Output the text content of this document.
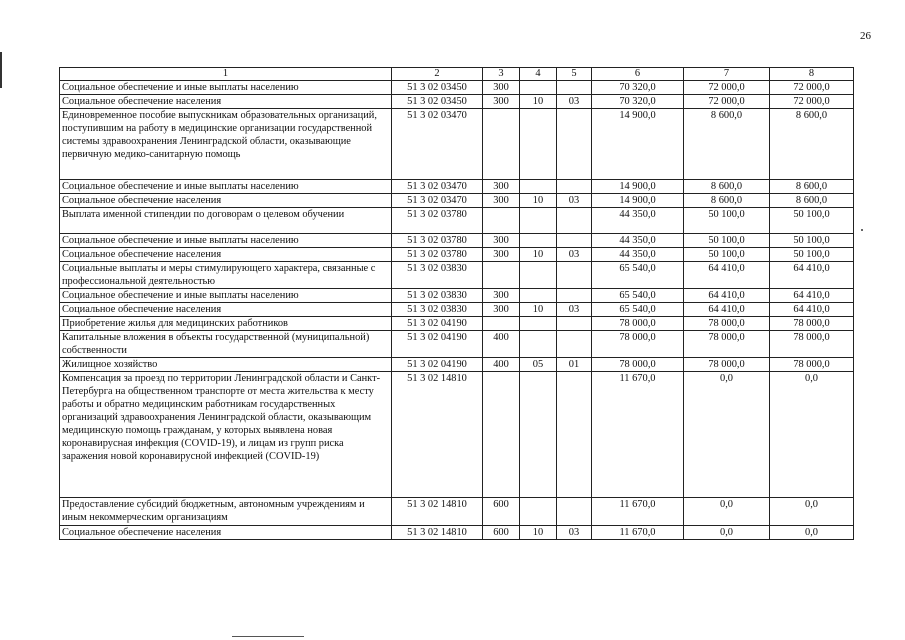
26
1	2	3	4	5	6	7	8
Социальное обеспечение и иные выплаты населению	51 3 02 03450	300			70 320,0	72 000,0	72 000,0
Социальное обеспечение населения	51 3 02 03450	300	10	03	70 320,0	72 000,0	72 000,0
Единовременное пособие выпускникам образовательных организаций, поступившим на работу в медицинские организации государственной системы здравоохранения Ленинградской области, оказывающие первичную медико-санитарную помощь	51 3 02 03470				14 900,0	8 600,0	8 600,0
Социальное обеспечение и иные выплаты населению	51 3 02 03470	300			14 900,0	8 600,0	8 600,0
Социальное обеспечение населения	51 3 02 03470	300	10	03	14 900,0	8 600,0	8 600,0
Выплата именной стипендии по договорам о целевом обучении	51 3 02 03780				44 350,0	50 100,0	50 100,0
Социальное обеспечение и иные выплаты населению	51 3 02 03780	300			44 350,0	50 100,0	50 100,0
Социальное обеспечение населения	51 3 02 03780	300	10	03	44 350,0	50 100,0	50 100,0
Социальные выплаты и меры стимулирующего характера, связанные с профессиональной деятельностью	51 3 02 03830				65 540,0	64 410,0	64 410,0
Социальное обеспечение и иные выплаты населению	51 3 02 03830	300			65 540,0	64 410,0	64 410,0
Социальное обеспечение населения	51 3 02 03830	300	10	03	65 540,0	64 410,0	64 410,0
Приобретение жилья для медицинских работников	51 3 02 04190				78 000,0	78 000,0	78 000,0
Капитальные вложения в объекты государственной (муниципальной) собственности	51 3 02 04190	400			78 000,0	78 000,0	78 000,0
Жилищное хозяйство	51 3 02 04190	400	05	01	78 000,0	78 000,0	78 000,0
Компенсация за проезд по территории Ленинградской области и Санкт-Петербурга на общественном транспорте от места жительства к месту работы и обратно медицинским работникам государственных организаций здравоохранения Ленинградской области, оказывающим медицинскую помощь гражданам, у которых выявлена новая коронавирусная инфекция (COVID-19), и лицам из групп риска заражения новой коронавирусной инфекцией (COVID-19)	51 3 02 14810				11 670,0	0,0	0,0
Предоставление субсидий бюджетным, автономным учреждениям и иным некоммерческим организациям	51 3 02 14810	600			11 670,0	0,0	0,0
Социальное обеспечение населения	51 3 02 14810	600	10	03	11 670,0	0,0	0,0
